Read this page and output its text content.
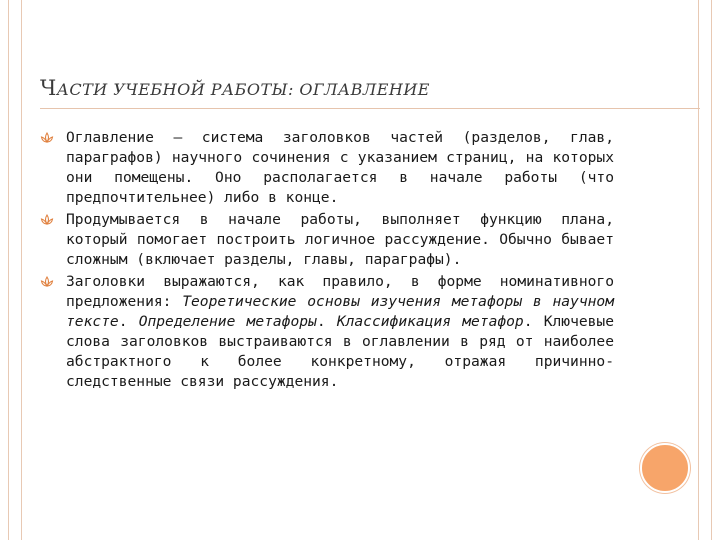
ЧАСТИ УЧЕБНОЙ РАБОТЫ: ОГЛАВЛЕНИЕ
Оглавление – система заголовков частей (разделов, глав, параграфов) научного сочинения с указанием страниц, на которых они помещены. Оно располагается в начале работы (что предпочтительнее) либо в конце.
Продумывается в начале работы, выполняет функцию плана, который помогает построить логичное рассуждение. Обычно бывает сложным (включает разделы, главы, параграфы).
Заголовки выражаются, как правило, в форме номинативного предложения: Теоретические основы изучения метафоры в научном тексте. Определение метафоры. Классификация метафор. Ключевые слова заголовков выстраиваются в оглавлении в ряд от наиболее абстрактного к более конкретному, отражая причинно-следственные связи рассуждения.
